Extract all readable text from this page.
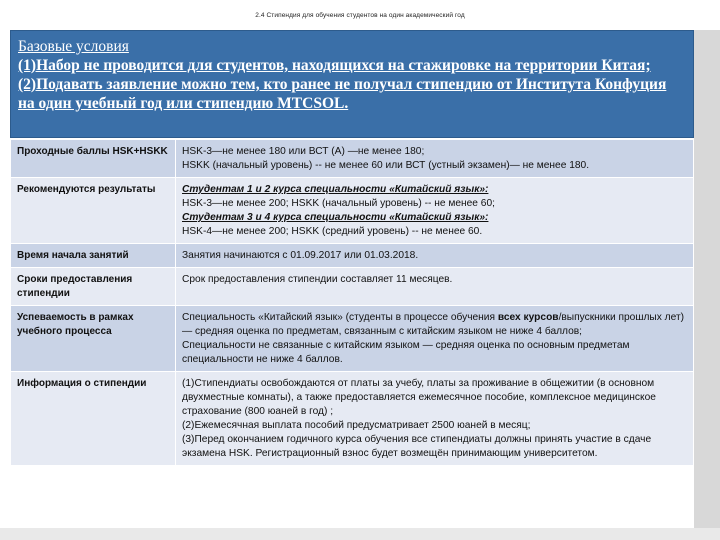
2.4 Стипендия для обучения студентов на один академический год
Базовые условия
(1)Набор не проводится для студентов, находящихся на стажировке на территории Китая;
(2)Подавать заявление можно тем, кто ранее не получал стипендию от Института Конфуция на один учебный год или стипендию MTCSOL.
Проходные баллы HSK+HSKK	HSK-3—не менее 180 или ВСТ (А) —не менее 180;
HSKK (начальный уровень) -- не менее 60 или ВСТ (устный экзамен)— не менее 180.

Рекомендуются результаты	Студентам 1 и 2 курса специальности «Китайский язык»:
HSK-3—не менее 200; HSKK (начальный уровень) -- не менее 60;
Студентам 3 и 4 курса специальности «Китайский язык»:
HSK-4—не менее 200; HSKK (средний уровень) -- не менее 60.

Время начала занятий	Занятия начинаются с 01.09.2017 или 01.03.2018.

Сроки предоставления стипендии	Срок предоставления стипендии составляет 11 месяцев.

Успеваемость в рамках учебного процесса	Специальность «Китайский язык» (студенты в процессе обучения всех курсов/выпускники прошлых лет) — средняя оценка по предметам, связанным с китайским языком не ниже 4 баллов;
Специальности не связанные с китайским языком — средняя оценка по основным предметам специальности не ниже 4 баллов.

Информация о стипендии	(1)Стипендиаты освобождаются от платы за учебу, платы за проживание в общежитии (в основном двухместные комнаты), а также предоставляется ежемесячное пособие, комплексное медицинское страхование (800 юаней в год) ;
(2)Ежемесячная выплата пособий предусматривает 2500 юаней в месяц;
(3)Перед окончанием годичного курса обучения все стипендиаты должны принять участие в сдаче экзамена HSK. Регистрационный взнос будет возмещён принимающим университетом.
